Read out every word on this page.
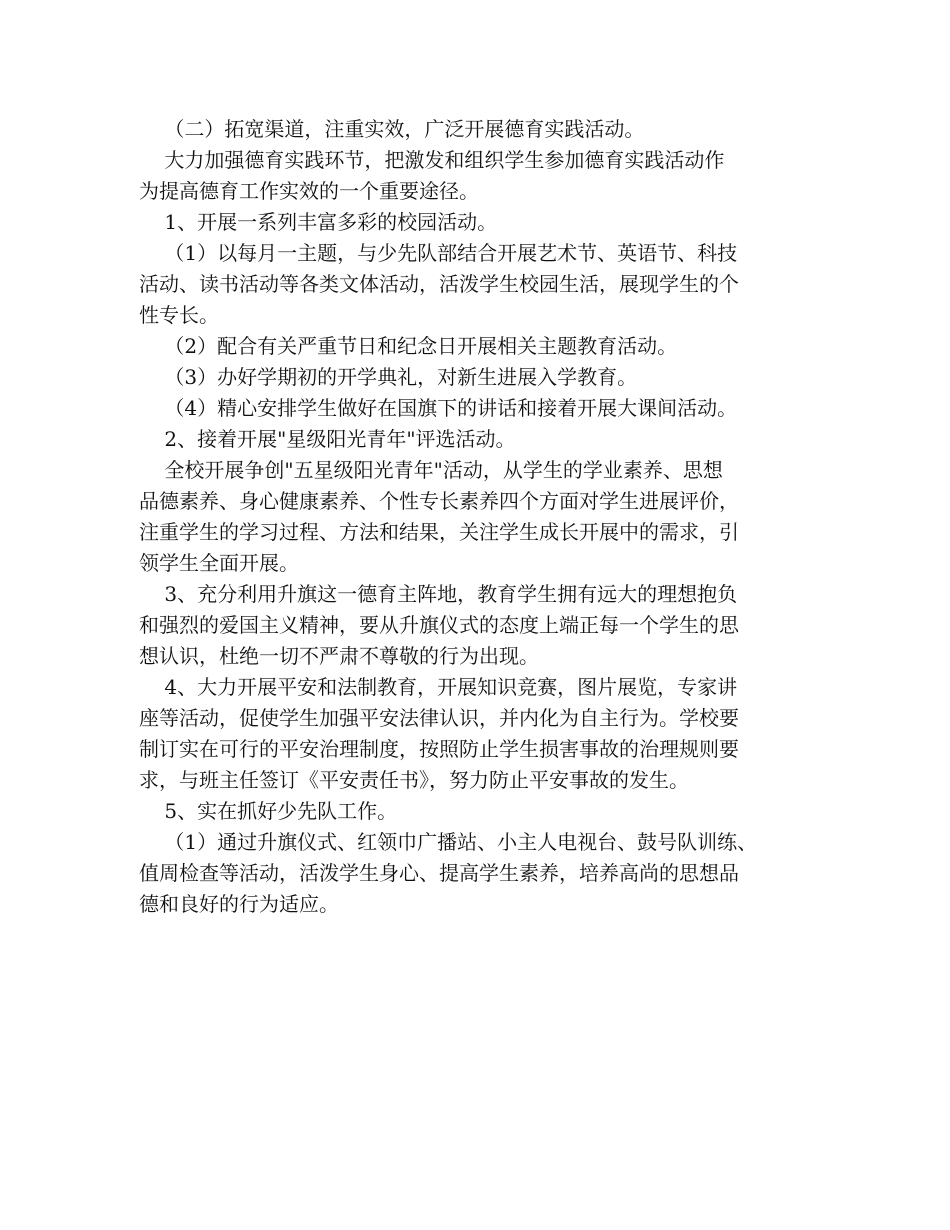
（二）拓宽渠道，注重实效，广泛开展德育实践活动。
大力加强德育实践环节，把激发和组织学生参加德育实践活动作
为提高德育工作实效的一个重要途径。
1、开展一系列丰富多彩的校园活动。
（1）以每月一主题，与少先队部结合开展艺术节、英语节、科技
活动、读书活动等各类文体活动，活泼学生校园生活，展现学生的个
性专长。
（2）配合有关严重节日和纪念日开展相关主题教育活动。
（3）办好学期初的开学典礼，对新生进展入学教育。
（4）精心安排学生做好在国旗下的讲话和接着开展大课间活动。
2、接着开展"星级阳光青年"评选活动。
全校开展争创"五星级阳光青年"活动，从学生的学业素养、思想
品德素养、身心健康素养、个性专长素养四个方面对学生进展评价，
注重学生的学习过程、方法和结果，关注学生成长开展中的需求，引
领学生全面开展。
3、充分利用升旗这一德育主阵地，教育学生拥有远大的理想抱负
和强烈的爱国主义精神，要从升旗仪式的态度上端正每一个学生的思
想认识，杜绝一切不严肃不尊敬的行为出现。
4、大力开展平安和法制教育，开展知识竞赛，图片展览，专家讲
座等活动，促使学生加强平安法律认识，并内化为自主行为。学校要
制订实在可行的平安治理制度，按照防止学生损害事故的治理规则要
求，与班主任签订《平安责任书》，努力防止平安事故的发生。
5、实在抓好少先队工作。
（1）通过升旗仪式、红领巾广播站、小主人电视台、鼓号队训练、
值周检查等活动，活泼学生身心、提高学生素养，培养高尚的思想品
德和良好的行为适应。
